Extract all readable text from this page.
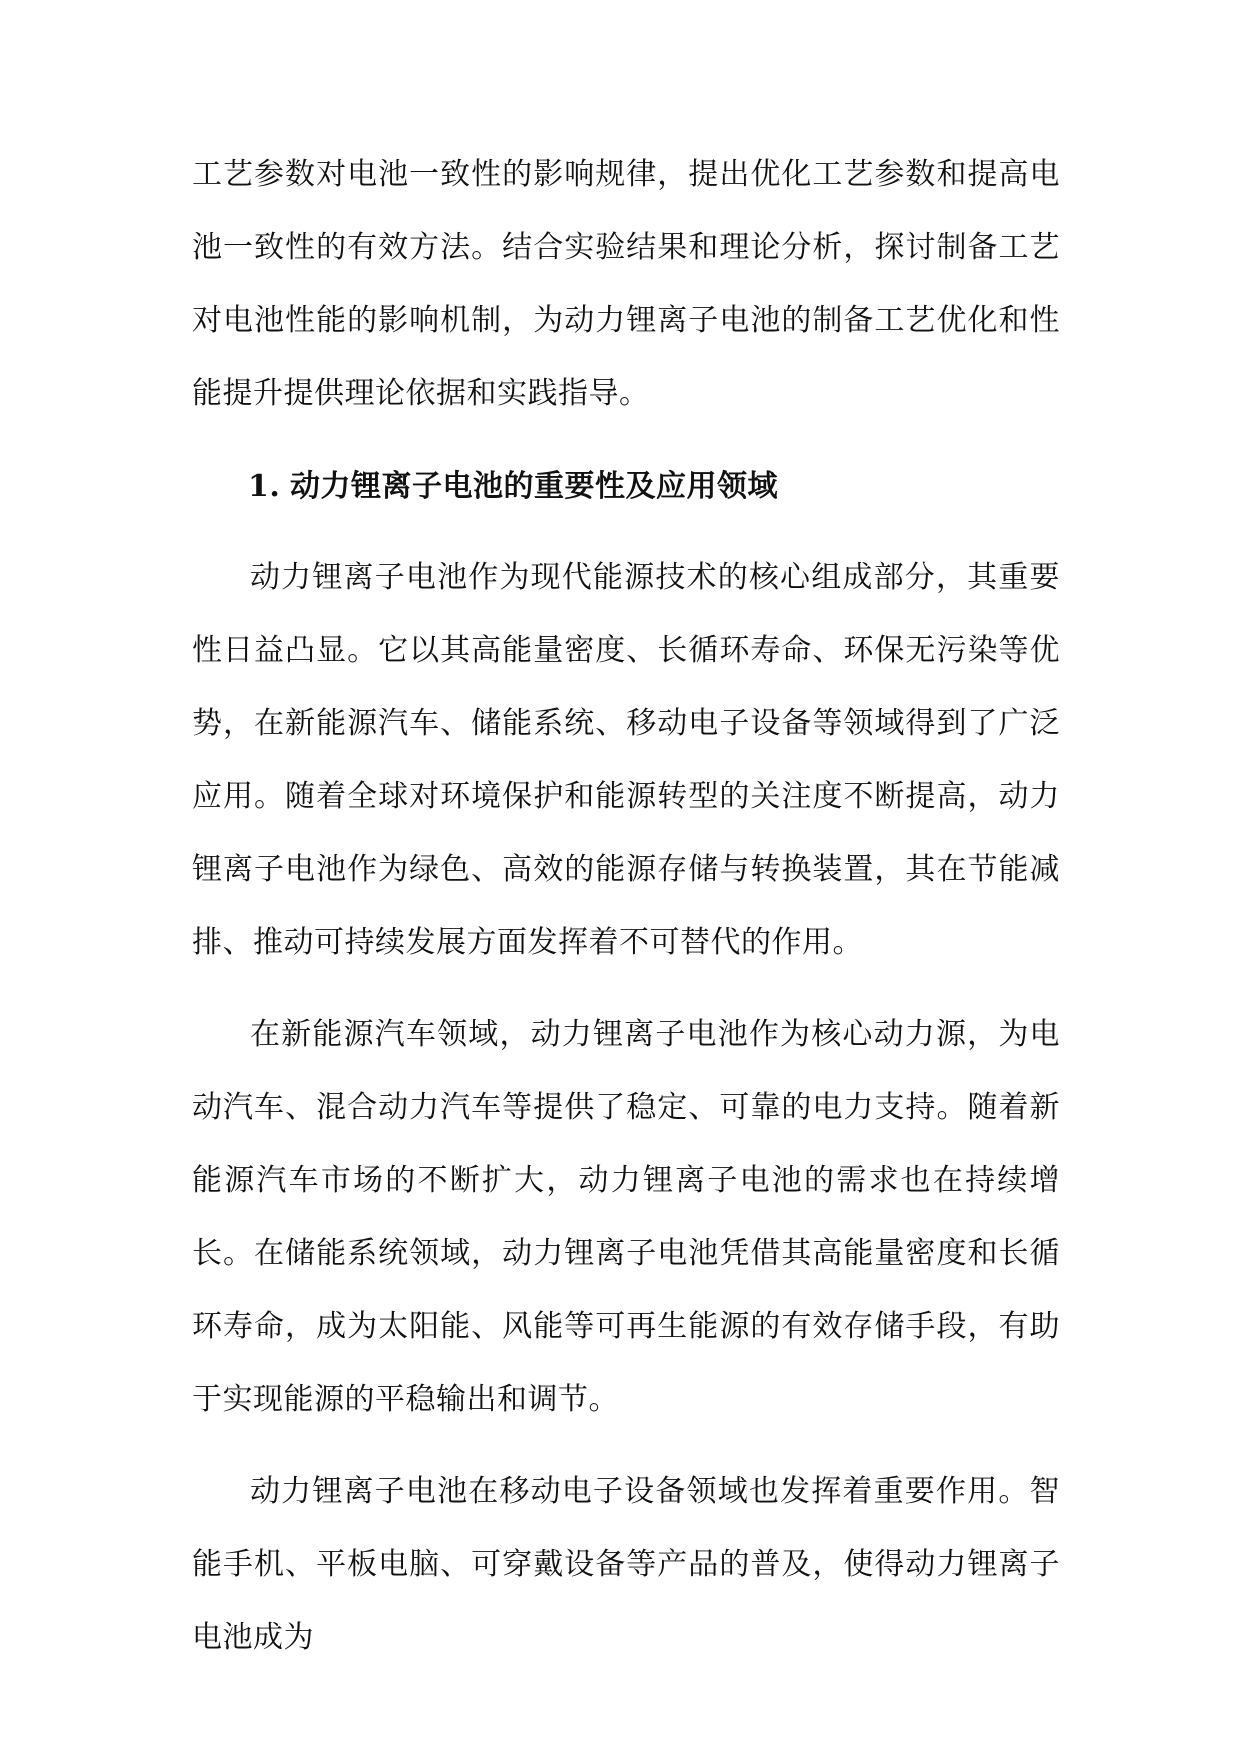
工艺参数对电池一致性的影响规律，提出优化工艺参数和提高电池一致性的有效方法。结合实验结果和理论分析，探讨制备工艺对电池性能的影响机制，为动力锂离子电池的制备工艺优化和性能提升提供理论依据和实践指导。

1. 动力锂离子电池的重要性及应用领域

动力锂离子电池作为现代能源技术的核心组成部分，其重要性日益凸显。它以其高能量密度、长循环寿命、环保无污染等优势，在新能源汽车、储能系统、移动电子设备等领域得到了广泛应用。随着全球对环境保护和能源转型的关注度不断提高，动力锂离子电池作为绿色、高效的能源存储与转换装置，其在节能减排、推动可持续发展方面发挥着不可替代的作用。

在新能源汽车领域，动力锂离子电池作为核心动力源，为电动汽车、混合动力汽车等提供了稳定、可靠的电力支持。随着新能源汽车市场的不断扩大，动力锂离子电池的需求也在持续增长。在储能系统领域，动力锂离子电池凭借其高能量密度和长循环寿命，成为太阳能、风能等可再生能源的有效存储手段，有助于实现能源的平稳输出和调节。

动力锂离子电池在移动电子设备领域也发挥着重要作用。智能手机、平板电脑、可穿戴设备等产品的普及，使得动力锂离子电池成为
